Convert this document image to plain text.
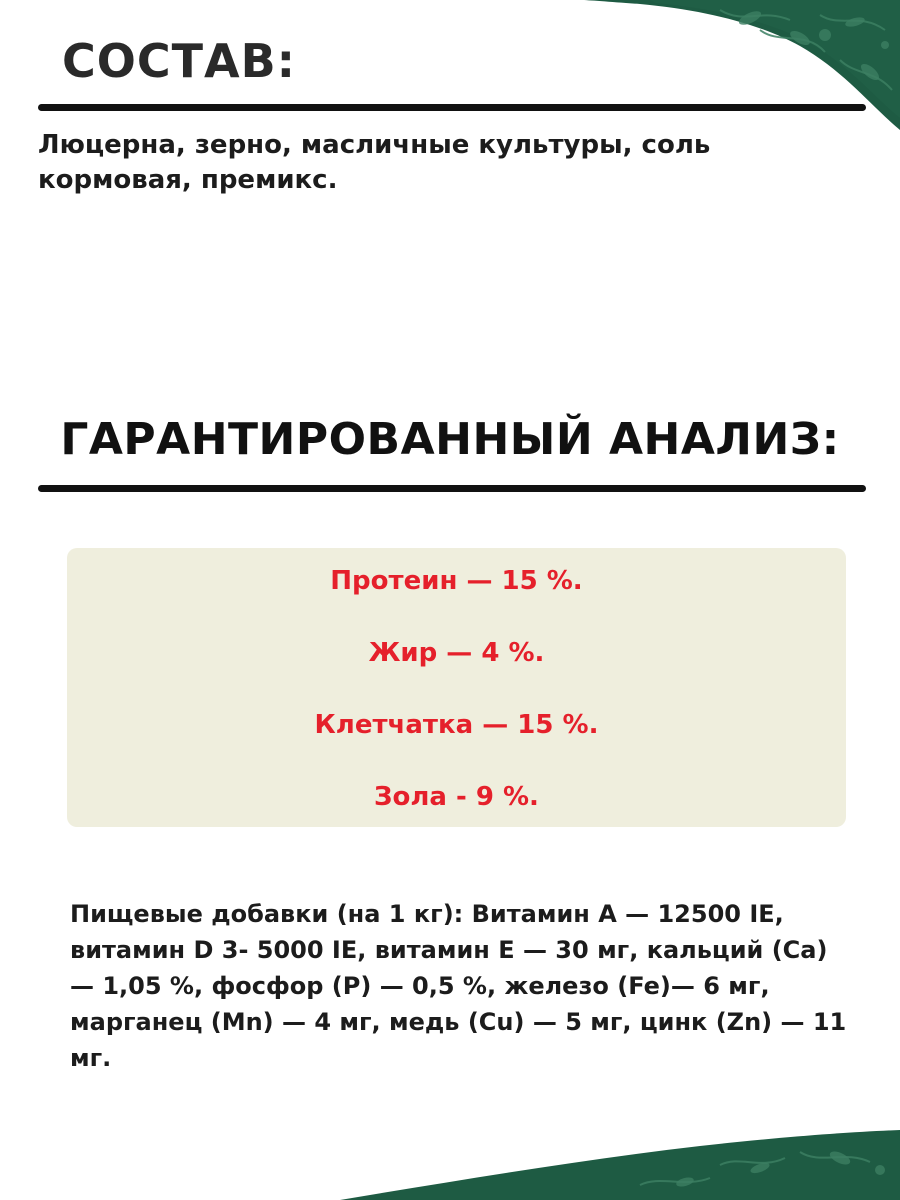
СОСТАВ:

Люцерна, зерно, масличные культуры, соль кормовая, премикс.

ГАРАНТИРОВАННЫЙ АНАЛИЗ:

Протеин — 15 %.

Жир — 4 %.

Клетчатка — 15 %.

Зола - 9 %.

Пищевые добавки (на 1 кг): Витамин А — 12500 IE, витамин D 3- 5000 IE, витамин Е — 30 мг, кальций (Са) — 1,05 %, фосфор (Р) — 0,5 %, железо (Fe)— 6 мг, марганец (Mn) — 4 мг, медь (Cu) — 5 мг, цинк (Zn) — 11 мг.
